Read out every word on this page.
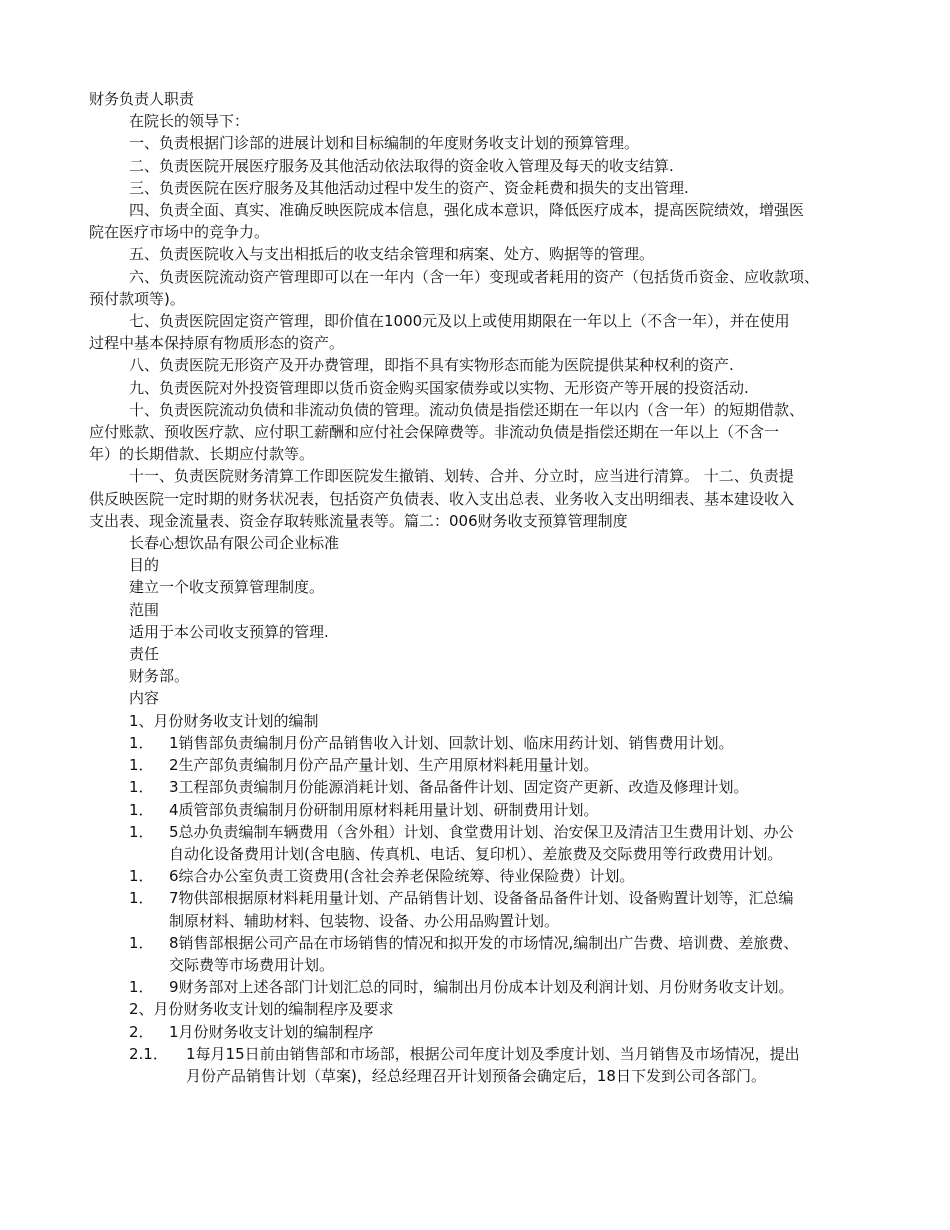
财务负责人职责
在院长的领导下：
一、负责根据门诊部的进展计划和目标编制的年度财务收支计划的预算管理。
二、负责医院开展医疗服务及其他活动依法取得的资金收入管理及每天的收支结算.
三、负责医院在医疗服务及其他活动过程中发生的资产、资金耗费和损失的支出管理.
四、负责全面、真实、准确反映医院成本信息，强化成本意识，降低医疗成本，提高医院绩效，增强医
院在医疗市场中的竞争力。
五、负责医院收入与支出相抵后的收支结余管理和病案、处方、购据等的管理。
六、负责医院流动资产管理即可以在一年内（含一年）变现或者耗用的资产（包括货币资金、应收款项、
预付款项等)。
七、负责医院固定资产管理，即价值在1000元及以上或使用期限在一年以上（不含一年），并在使用
过程中基本保持原有物质形态的资产。
八、负责医院无形资产及开办费管理，即指不具有实物形态而能为医院提供某种权利的资产.
九、负责医院对外投资管理即以货币资金购买国家债券或以实物、无形资产等开展的投资活动.
十、负责医院流动负债和非流动负债的管理。流动负债是指偿还期在一年以内（含一年）的短期借款、
应付账款、预收医疗款、应付职工薪酬和应付社会保障费等。非流动负债是指偿还期在一年以上（不含一
年）的长期借款、长期应付款等。
十一、负责医院财务清算工作即医院发生撤销、划转、合并、分立时，应当进行清算。 十二、负责提
供反映医院一定时期的财务状况表，包括资产负债表、收入支出总表、业务收入支出明细表、基本建设收入
支出表、现金流量表、资金存取转账流量表等。篇二：006财务收支预算管理制度
长春心想饮品有限公司企业标准
目的
建立一个收支预算管理制度。
范围
适用于本公司收支预算的管理.
责任
财务部。
内容
1、月份财务收支计划的编制
1．	1销售部负责编制月份产品销售收入计划、回款计划、临床用药计划、销售费用计划。
1．	2生产部负责编制月份产品产量计划、生产用原材料耗用量计划。
1．	3工程部负责编制月份能源消耗计划、备品备件计划、固定资产更新、改造及修理计划。
1．	4质管部负责编制月份研制用原材料耗用量计划、研制费用计划。
1．	5总办负责编制车辆费用（含外租）计划、食堂费用计划、治安保卫及清洁卫生费用计划、办公
自动化设备费用计划(含电脑、传真机、电话、复印机）、差旅费及交际费用等行政费用计划。
1．	6综合办公室负责工资费用(含社会养老保险统筹、待业保险费）计划。
1．	7物供部根据原材料耗用量计划、产品销售计划、设备备品备件计划、设备购置计划等，汇总编
制原材料、辅助材料、包装物、设备、办公用品购置计划。
1．	8销售部根据公司产品在市场销售的情况和拟开发的市场情况,编制出广告费、培训费、差旅费、
交际费等市场费用计划。
1．	9财务部对上述各部门计划汇总的同时，编制出月份成本计划及利润计划、月份财务收支计划。
2、月份财务收支计划的编制程序及要求
2．	1月份财务收支计划的编制程序
2.1．	1每月15日前由销售部和市场部，根据公司年度计划及季度计划、当月销售及市场情况，提出
月份产品销售计划（草案)，经总经理召开计划预备会确定后，18日下发到公司各部门。
